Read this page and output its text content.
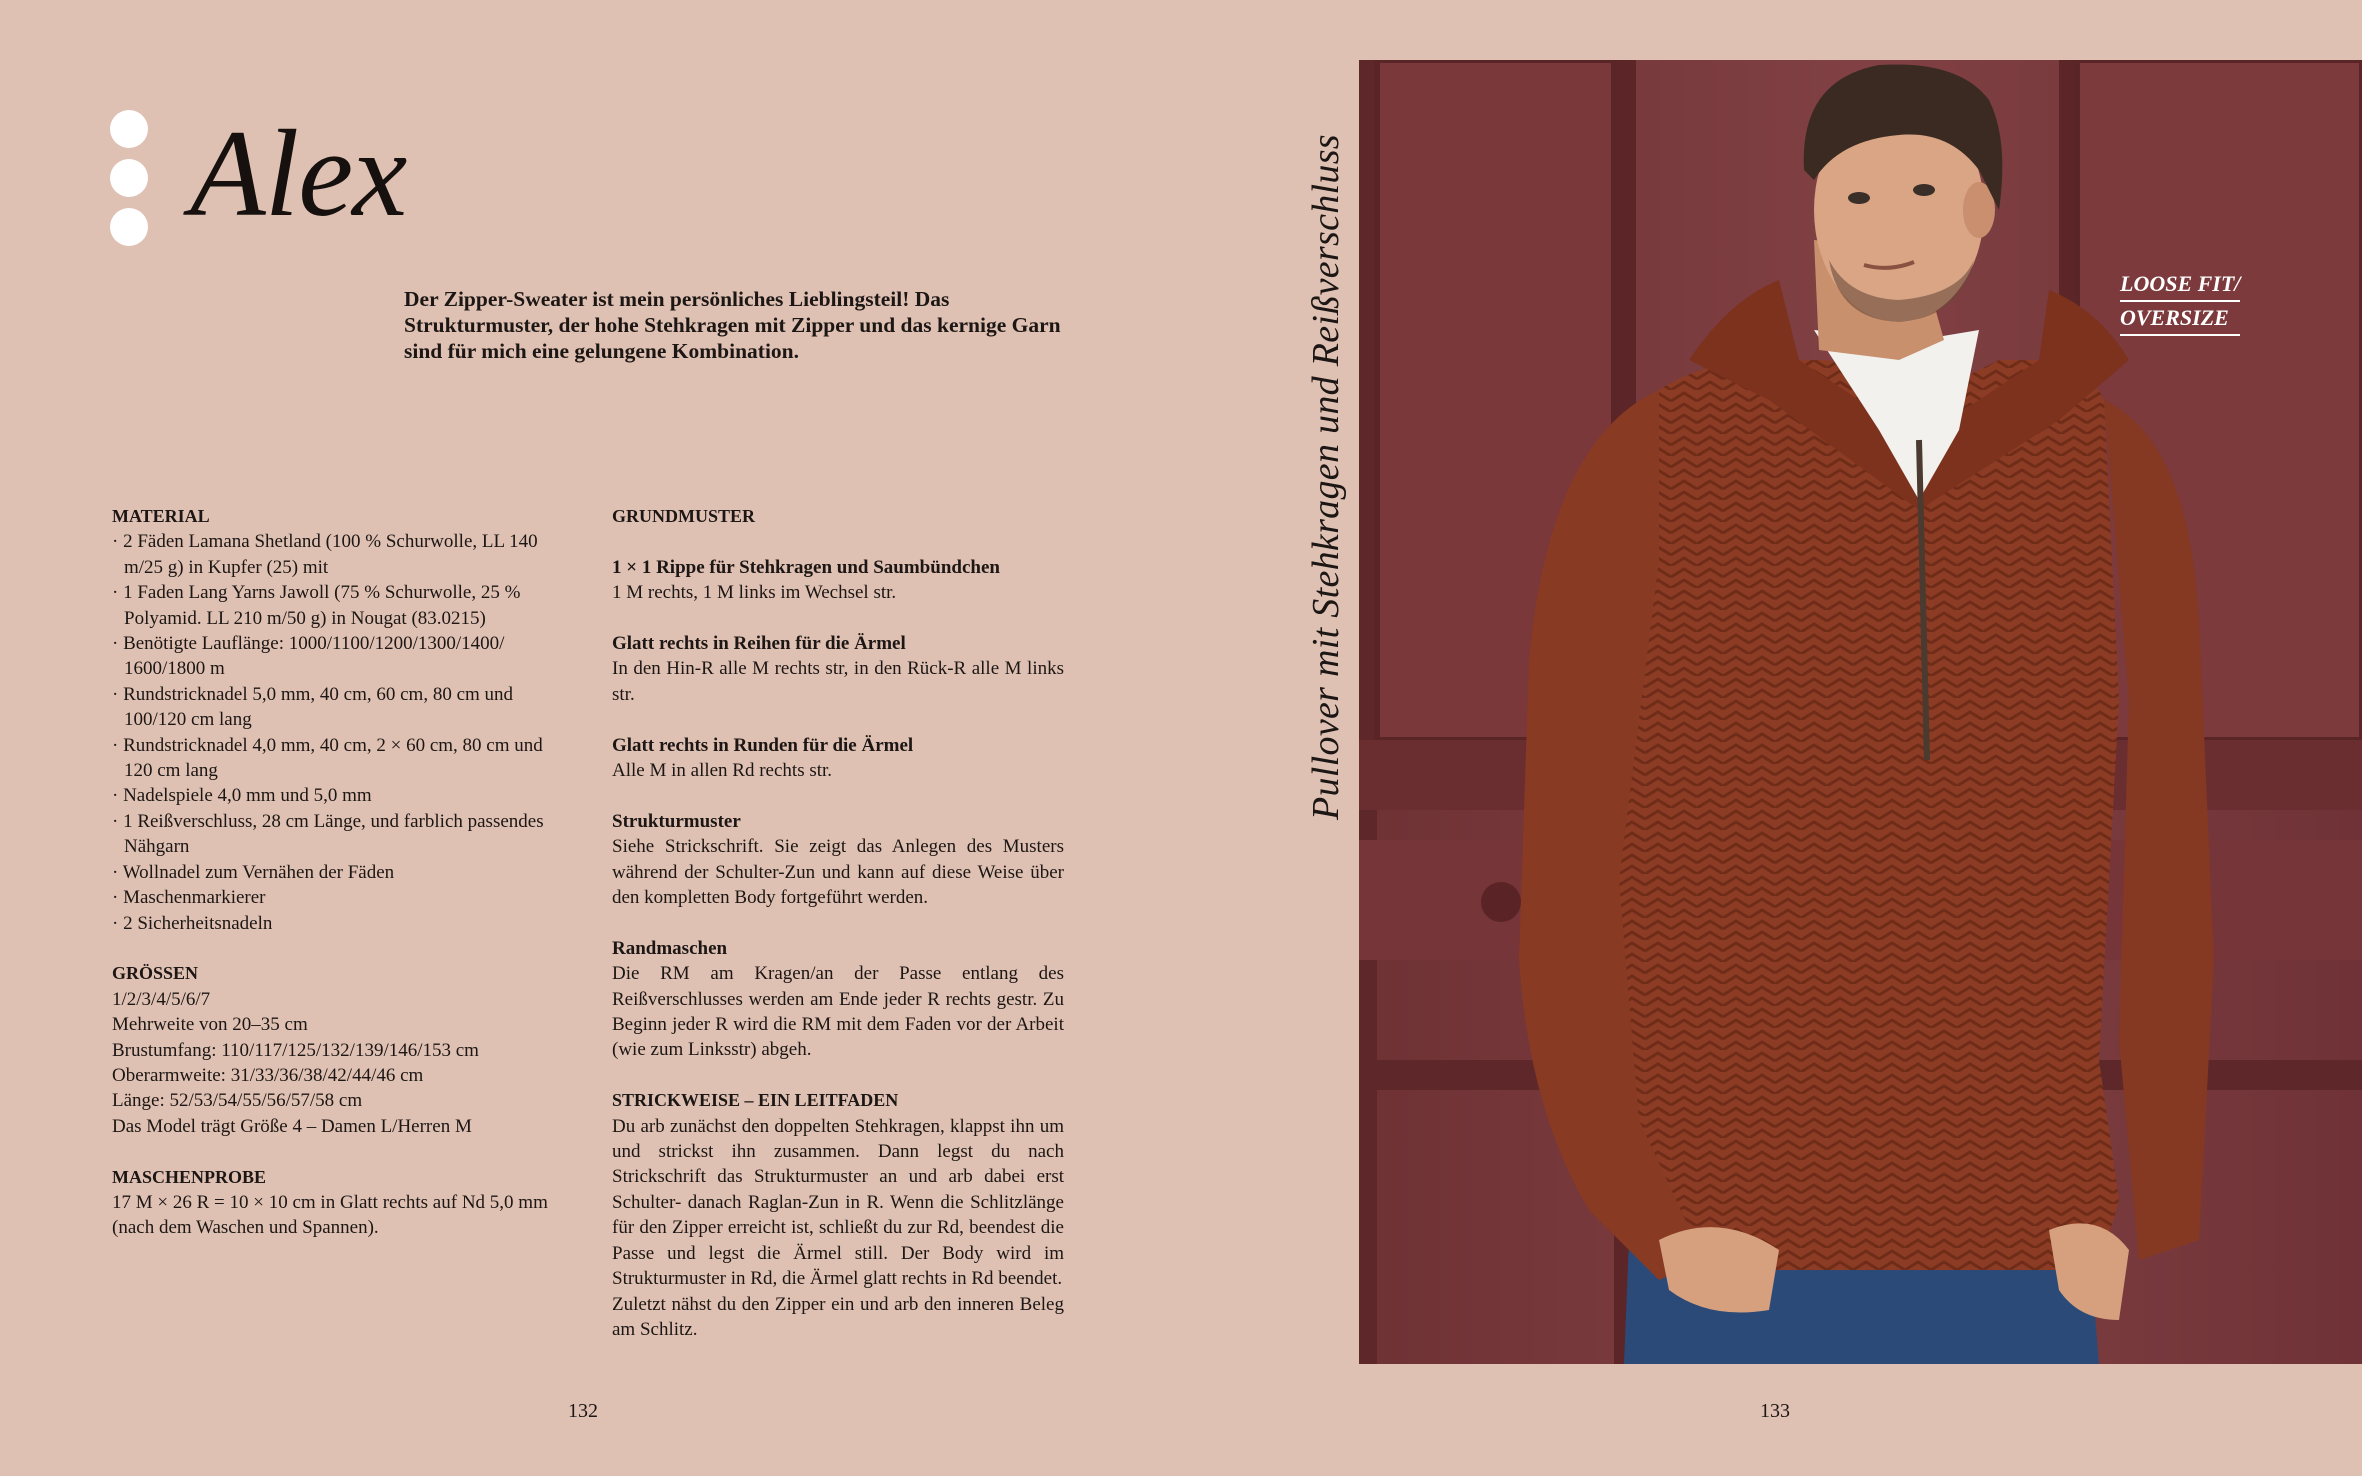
Alex

Der Zipper-Sweater ist mein persönliches Lieblingsteil! Das Strukturmuster, der hohe Stehkragen mit Zipper und das kernige Garn sind für mich eine gelungene Kombination.

MATERIAL

· 2 Fäden Lamana Shetland (100 % Schurwolle, LL 140 m/25 g) in Kupfer (25) mit
· 1 Faden Lang Yarns Jawoll (75 % Schurwolle, 25 % Polyamid. LL 210 m/50 g) in Nougat (83.0215)
· Benötigte Lauflänge: 1000/1100/1200/1300/1400/ 1600/1800 m
· Rundstricknadel 5,0 mm, 40 cm, 60 cm, 80 cm und 100/120 cm lang
· Rundstricknadel 4,0 mm, 40 cm, 2 × 60 cm, 80 cm und 120 cm lang
· Nadelspiele 4,0 mm und 5,0 mm
· 1 Reißverschluss, 28 cm Länge, und farblich passendes Nähgarn
· Wollnadel zum Vernähen der Fäden
· Maschenmarkierer
· 2 Sicherheitsnadeln

GRÖSSEN

1/2/3/4/5/6/7

Mehrweite von 20–35 cm

Brustumfang: 110/117/125/132/139/146/153 cm

Oberarmweite: 31/33/36/38/42/44/46 cm

Länge: 52/53/54/55/56/57/58 cm

Das Model trägt Größe 4 – Damen L/Herren M

MASCHENPROBE

17 M × 26 R = 10 × 10 cm in Glatt rechts auf Nd 5,0 mm (nach dem Waschen und Spannen).

GRUNDMUSTER

1 × 1 Rippe für Stehkragen und Saumbündchen

1 M rechts, 1 M links im Wechsel str.

Glatt rechts in Reihen für die Ärmel

In den Hin-R alle M rechts str, in den Rück-R alle M links str.

Glatt rechts in Runden für die Ärmel

Alle M in allen Rd rechts str.

Strukturmuster

Siehe Strickschrift. Sie zeigt das Anlegen des Musters während der Schulter-Zun und kann auf diese Weise über den kompletten Body fortgeführt werden.

Randmaschen

Die RM am Kragen/an der Passe entlang des Reißverschlusses werden am Ende jeder R rechts gestr. Zu Beginn jeder R wird die RM mit dem Faden vor der Arbeit (wie zum Linksstr) abgeh.

STRICKWEISE – EIN LEITFADEN

Du arb zunächst den doppelten Stehkragen, klappst ihn um und strickst ihn zusammen. Dann legst du nach Strickschrift das Strukturmuster an und arb dabei erst Schulter- danach Raglan-Zun in R. Wenn die Schlitzlänge für den Zipper erreicht ist, schließt du zur Rd, beendest die Passe und legst die Ärmel still. Der Body wird im Strukturmuster in Rd, die Ärmel glatt rechts in Rd beendet.

Zuletzt nähst du den Zipper ein und arb den inneren Beleg am Schlitz.

132
Pullover mit Stehkragen und Reißverschluss	LOOSE FIT/
OVERSIZE
133
